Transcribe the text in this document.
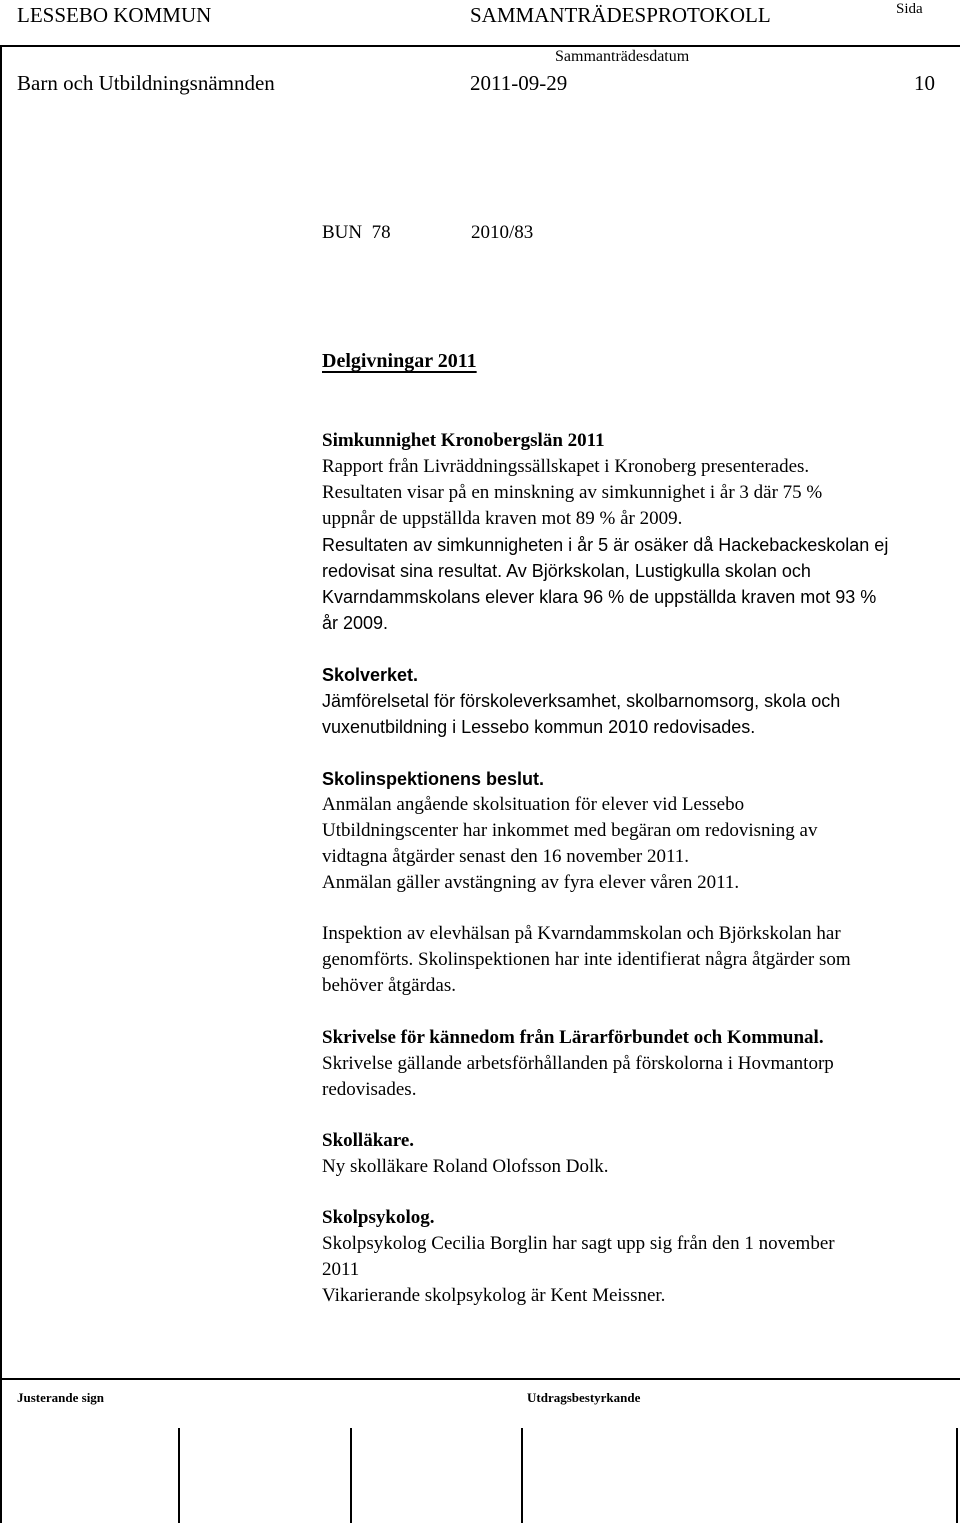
LESSEBO KOMMUN	SAMMANTRÄDESPROTOKOLL	Sida
Sammanträdesdatum
Barn och Utbildningsnämnden	2011-09-29	10
BUN  78	2010/83
Delgivningar 2011
Simkunnighet Kronobergslän 2011
Rapport från Livräddningssällskapet i Kronoberg presenterades.
Resultaten visar på en minskning av simkunnighet i år 3 där 75 %
uppnår de uppställda kraven mot 89 % år 2009.
Resultaten av simkunnigheten i år 5 är osäker då Hackebackeskolan ej
redovisat sina resultat. Av Björkskolan, Lustigkulla skolan och
Kvarndammskolans elever klara 96 % de uppställda kraven mot 93 %
år 2009.
Skolverket.
Jämförelsetal för förskoleverksamhet, skolbarnomsorg, skola och
vuxenutbildning i Lessebo kommun 2010 redovisades.
Skolinspektionens beslut.
Anmälan angående skolsituation för elever vid Lessebo
Utbildningscenter har inkommet med begäran om redovisning av
vidtagna åtgärder senast den 16 november 2011.
Anmälan gäller avstängning av fyra elever våren 2011.
Inspektion av elevhälsan på Kvarndammskolan och Björkskolan har
genomförts. Skolinspektionen har inte identifierat några åtgärder som
behöver åtgärdas.
Skrivelse för kännedom från Lärarförbundet och Kommunal.
Skrivelse gällande arbetsförhållanden på förskolorna i Hovmantorp
redovisades.
Skolläkare.
Ny skolläkare Roland Olofsson Dolk.
Skolpsykolog.
Skolpsykolog Cecilia Borglin har sagt upp sig från den 1 november
2011
Vikarierande skolpsykolog är Kent Meissner.
Justerande sign	Utdragsbestyrkande
